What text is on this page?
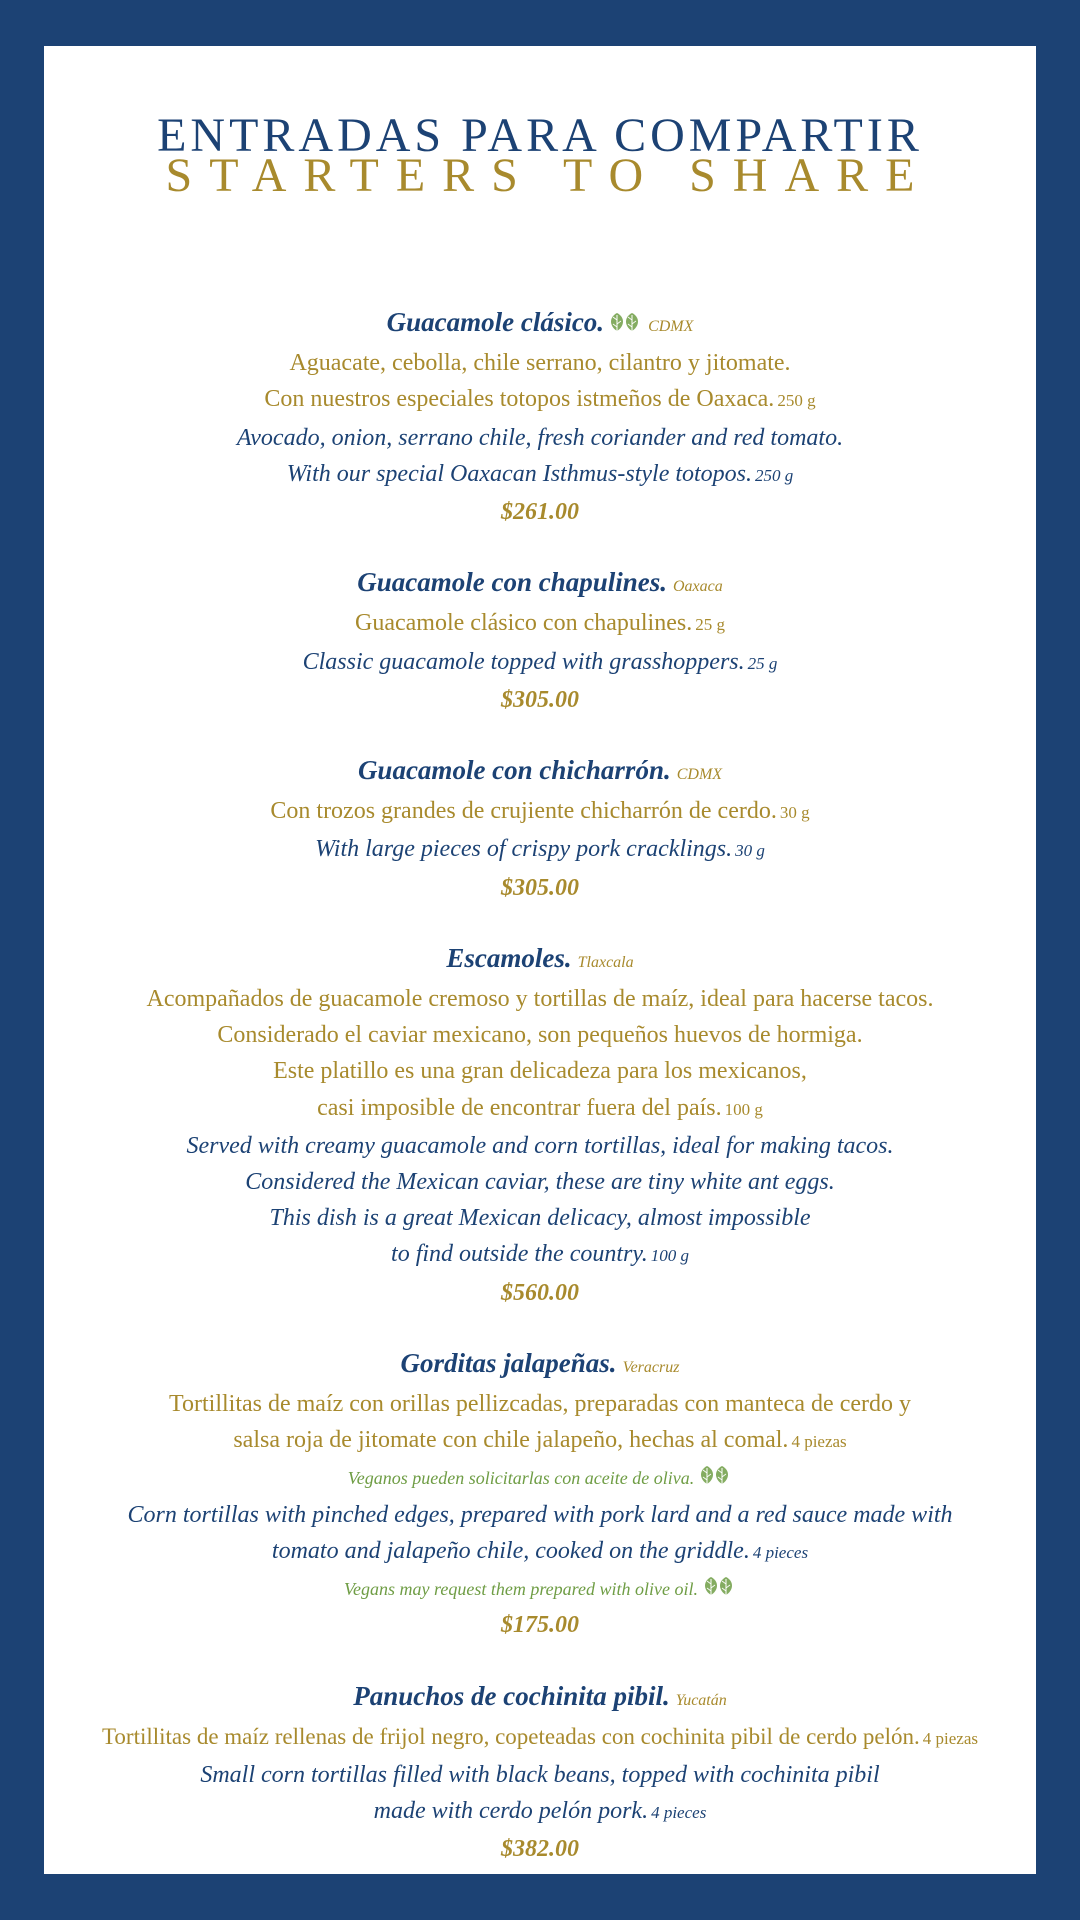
ENTRADAS PARA COMPARTIR
STARTERS TO SHARE
Guacamole clásico.	CDMX
Aguacate, cebolla, chile serrano, cilantro y jitomate.
Con nuestros especiales totopos istmeños de Oaxaca. 250 g
Avocado, onion, serrano chile, fresh coriander and red tomato.
With our special Oaxacan Isthmus-style totopos. 250 g
$261.00
Guacamole con chapulines. Oaxaca
Guacamole clásico con chapulines. 25 g
Classic guacamole topped with grasshoppers. 25 g
$305.00
Guacamole con chicharrón. CDMX
Con trozos grandes de crujiente chicharrón de cerdo. 30 g
With large pieces of crispy pork cracklings. 30 g
$305.00
Escamoles. Tlaxcala
Acompañados de guacamole cremoso y tortillas de maíz, ideal para hacerse tacos.
Considerado el caviar mexicano, son pequeños huevos de hormiga.
Este platillo es una gran delicadeza para los mexicanos,
casi imposible de encontrar fuera del país. 100 g
Served with creamy guacamole and corn tortillas, ideal for making tacos.
Considered the Mexican caviar, these are tiny white ant eggs.
This dish is a great Mexican delicacy, almost impossible
to find outside the country. 100 g
$560.00
Gorditas jalapeñas. Veracruz
Tortillitas de maíz con orillas pellizcadas, preparadas con manteca de cerdo y
salsa roja de jitomate con chile jalapeño, hechas al comal. 4 piezas
Veganos pueden solicitarlas con aceite de oliva.
Corn tortillas with pinched edges, prepared with pork lard and a red sauce made with
tomato and jalapeño chile, cooked on the griddle. 4 pieces
Vegans may request them prepared with olive oil.
$175.00
Panuchos de cochinita pibil. Yucatán
Tortillitas de maíz rellenas de frijol negro, copeteadas con cochinita pibil de cerdo pelón. 4 piezas
Small corn tortillas filled with black beans, topped with cochinita pibil
made with cerdo pelón pork. 4 pieces
$382.00
